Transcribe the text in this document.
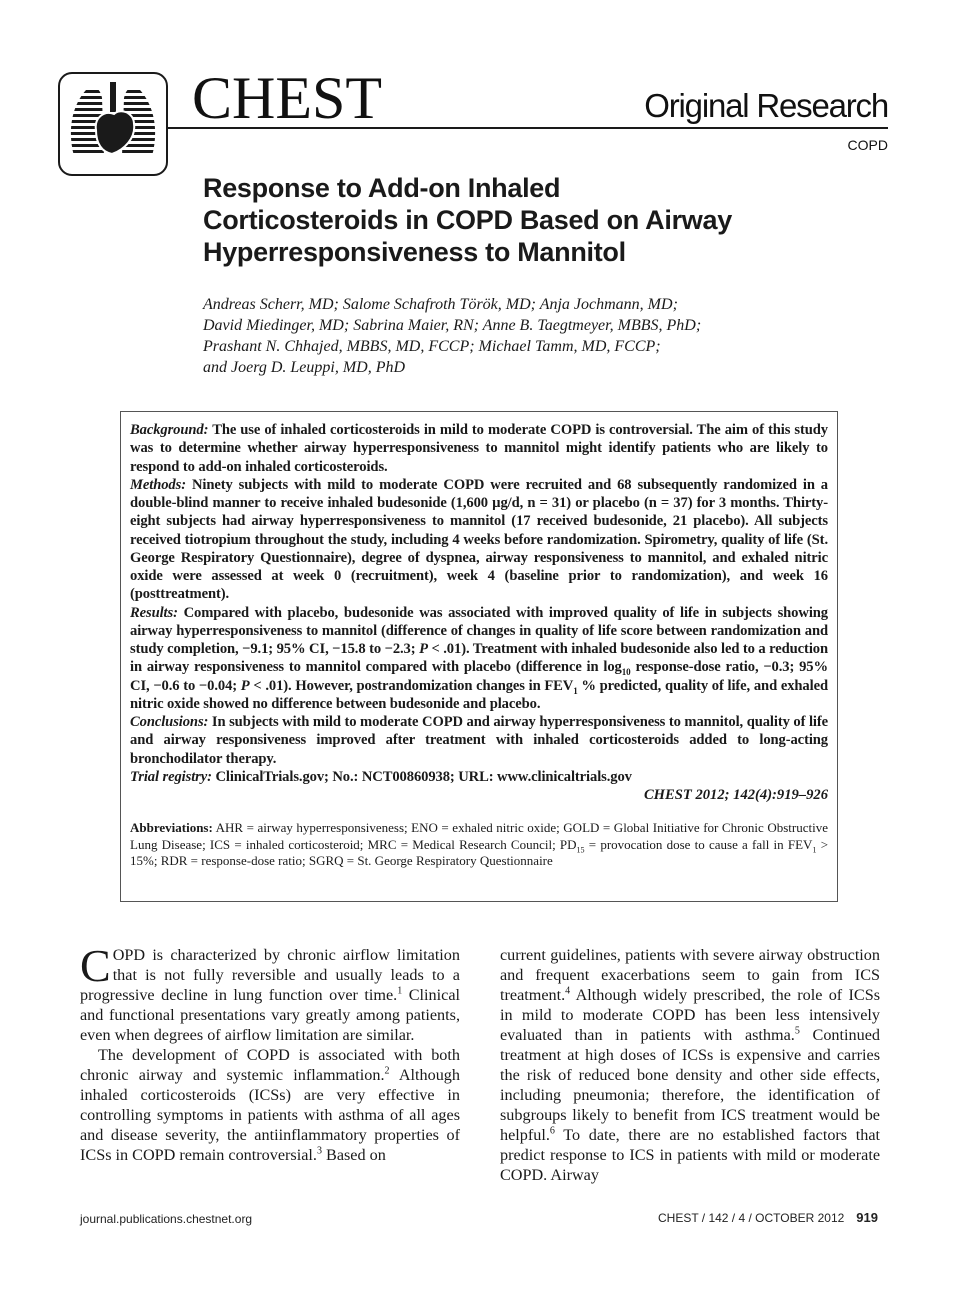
CHEST	Original Research
COPD
Response to Add-on Inhaled
Corticosteroids in COPD Based on Airway
Hyperresponsiveness to Mannitol
Andreas Scherr, MD; Salome Schafroth Török, MD; Anja Jochmann, MD;
David Miedinger, MD; Sabrina Maier, RN; Anne B. Taegtmeyer, MBBS, PhD;
Prashant N. Chhajed, MBBS, MD, FCCP; Michael Tamm, MD, FCCP;
and Joerg D. Leuppi, MD, PhD
Background: The use of inhaled corticosteroids in mild to moderate COPD is controversial. The aim of this study was to determine whether airway hyperresponsiveness to mannitol might identify patients who are likely to respond to add-on inhaled corticosteroids.
Methods: Ninety subjects with mild to moderate COPD were recruited and 68 subsequently randomized in a double-blind manner to receive inhaled budesonide (1,600 µg/d, n = 31) or placebo (n = 37) for 3 months. Thirty-eight subjects had airway hyperresponsiveness to mannitol (17 received budesonide, 21 placebo). All subjects received tiotropium throughout the study, including 4 weeks before randomization. Spirometry, quality of life (St. George Respiratory Questionnaire), degree of dyspnea, airway responsiveness to mannitol, and exhaled nitric oxide were assessed at week 0 (recruitment), week 4 (baseline prior to randomization), and week 16 (posttreatment).
Results: Compared with placebo, budesonide was associated with improved quality of life in subjects showing airway hyperresponsiveness to mannitol (difference of changes in quality of life score between randomization and study completion, −9.1; 95% CI, −15.8 to −2.3; P < .01). Treatment with inhaled budesonide also led to a reduction in airway responsiveness to mannitol compared with placebo (difference in $\log_{10}$ response-dose ratio, −0.3; 95% CI, −0.6 to −0.04; P < .01). However, postrandomization changes in $FEV_1$ % predicted, quality of life, and exhaled nitric oxide showed no difference between budesonide and placebo.
Conclusions: In subjects with mild to moderate COPD and airway hyperresponsiveness to mannitol, quality of life and airway responsiveness improved after treatment with inhaled corticosteroids added to long-acting bronchodilator therapy.
Trial registry: ClinicalTrials.gov; No.: NCT00860938; URL: www.clinicaltrials.gov
CHEST 2012; 142(4):919–926
Abbreviations: AHR = airway hyperresponsiveness; ENO = exhaled nitric oxide; GOLD = Global Initiative for Chronic Obstructive Lung Disease; ICS = inhaled corticosteroid; MRC = Medical Research Council; $PD_{15}$ = provocation dose to cause a fall in $FEV_1 > 15\%$; RDR = response-dose ratio; SGRQ = St. George Respiratory Questionnaire

COPD is characterized by chronic airflow limitation that is not fully reversible and usually leads to a progressive decline in lung function over time.$^1$ Clinical and functional presentations vary greatly among patients, even when degrees of airflow limitation are similar.

The development of COPD is associated with both chronic airway and systemic inflammation.$^2$ Although inhaled corticosteroids (ICSs) are very effective in controlling symptoms in patients with asthma of all ages and disease severity, the antiinflammatory properties of ICSs in COPD remain controversial.$^3$ Based on

current guidelines, patients with severe airway obstruction and frequent exacerbations seem to gain from ICS treatment.$^4$ Although widely prescribed, the role of ICSs in mild to moderate COPD has been less intensively evaluated than in patients with asthma.$^5$ Continued treatment at high doses of ICSs is expensive and carries the risk of reduced bone density and other side effects, including pneumonia; therefore, the identification of subgroups likely to benefit from ICS treatment would be helpful.$^6$ To date, there are no established factors that predict response to ICS in patients with mild or moderate COPD. Airway

journal.publications.chestnet.org	CHEST / 142 / 4 / OCTOBER 2012 919
